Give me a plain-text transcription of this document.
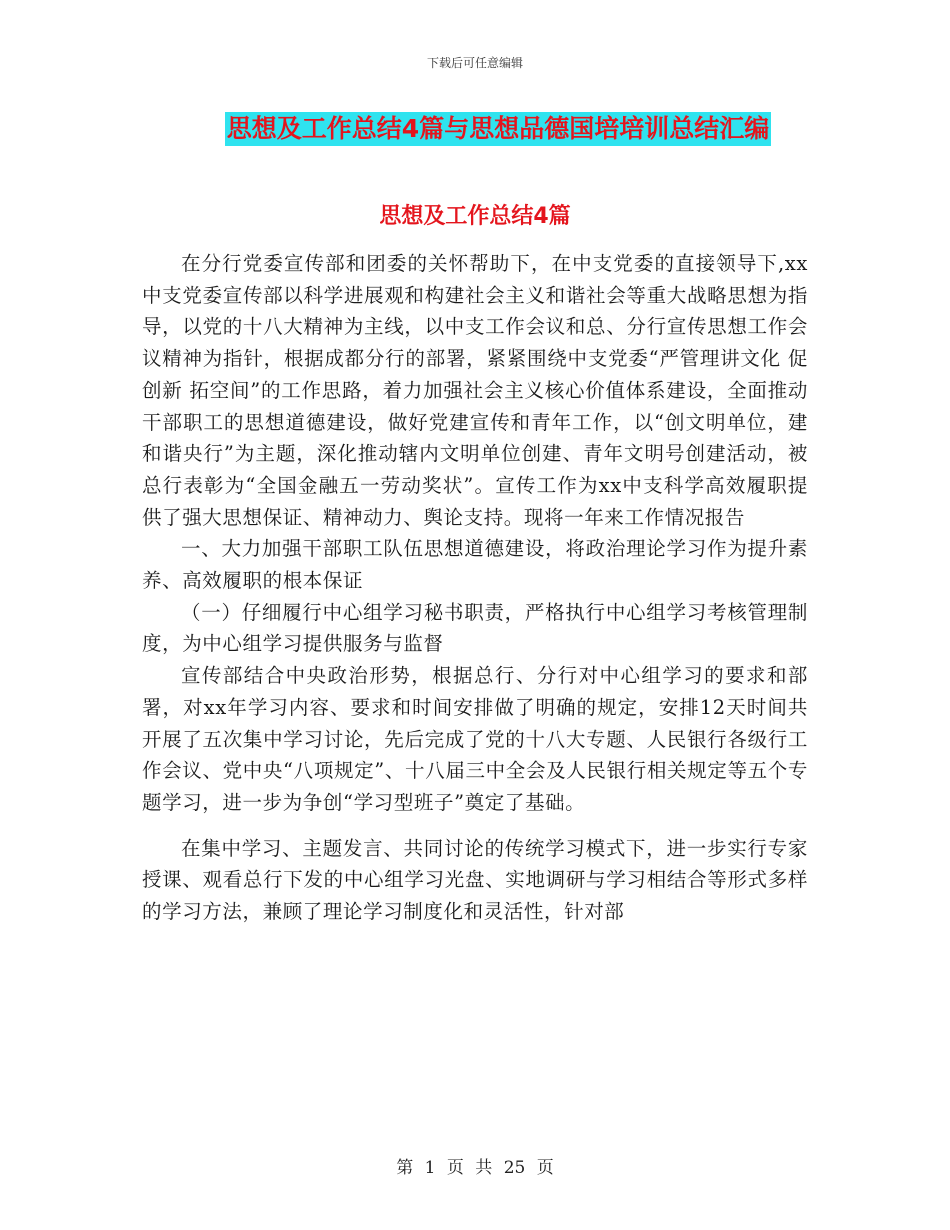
下载后可任意编辑
思想及工作总结4篇与思想品德国培培训总结汇编
思想及工作总结4篇

在分行党委宣传部和团委的关怀帮助下，在中支党委的直接领导下,xx中支党委宣传部以科学进展观和构建社会主义和谐社会等重大战略思想为指导，以党的十八大精神为主线，以中支工作会议和总、分行宣传思想工作会议精神为指针，根据成都分行的部署，紧紧围绕中支党委“严管理讲文化 促创新 拓空间”的工作思路，着力加强社会主义核心价值体系建设，全面推动干部职工的思想道德建设，做好党建宣传和青年工作，以“创文明单位，建和谐央行”为主题，深化推动辖内文明单位创建、青年文明号创建活动，被总行表彰为“全国金融五一劳动奖状”。宣传工作为xx中支科学高效履职提供了强大思想保证、精神动力、舆论支持。现将一年来工作情况报告

一、大力加强干部职工队伍思想道德建设，将政治理论学习作为提升素养、高效履职的根本保证

（一）仔细履行中心组学习秘书职责，严格执行中心组学习考核管理制度，为中心组学习提供服务与监督

宣传部结合中央政治形势，根据总行、分行对中心组学习的要求和部署，对xx年学习内容、要求和时间安排做了明确的规定，安排12天时间共开展了五次集中学习讨论，先后完成了党的十八大专题、人民银行各级行工作会议、党中央“八项规定”、十八届三中全会及人民银行相关规定等五个专题学习，进一步为争创“学习型班子”奠定了基础。

在集中学习、主题发言、共同讨论的传统学习模式下，进一步实行专家授课、观看总行下发的中心组学习光盘、实地调研与学习相结合等形式多样的学习方法，兼顾了理论学习制度化和灵活性，针对部

第 1 页 共 25 页
